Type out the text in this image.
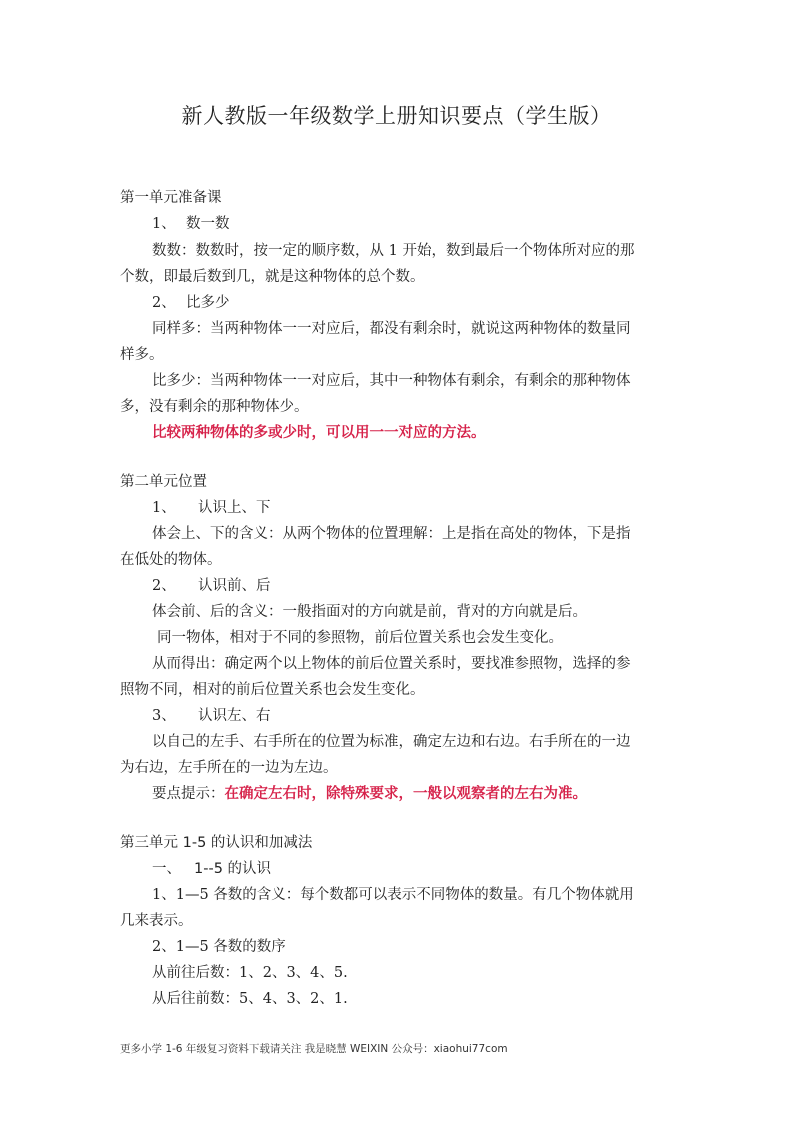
新人教版一年级数学上册知识要点（学生版）
第一单元准备课
1、 数一数
数数：数数时，按一定的顺序数，从 1 开始，数到最后一个物体所对应的那
个数，即最后数到几，就是这种物体的总个数。
2、 比多少
同样多：当两种物体一一对应后，都没有剩余时，就说这两种物体的数量同
样多。
比多少：当两种物体一一对应后，其中一种物体有剩余，有剩余的那种物体
多，没有剩余的那种物体少。
比较两种物体的多或少时，可以用一一对应的方法。
第二单元位置
1、 认识上、下
体会上、下的含义：从两个物体的位置理解：上是指在高处的物体，下是指
在低处的物体。
2、 认识前、后
体会前、后的含义：一般指面对的方向就是前，背对的方向就是后。
同一物体，相对于不同的参照物，前后位置关系也会发生变化。
从而得出：确定两个以上物体的前后位置关系时，要找准参照物，选择的参
照物不同，相对的前后位置关系也会发生变化。
3、 认识左、右
以自己的左手、右手所在的位置为标准，确定左边和右边。右手所在的一边
为右边，左手所在的一边为左边。
要点提示：在确定左右时，除特殊要求，一般以观察者的左右为准。
第三单元 1-5 的认识和加减法
一、 1--5 的认识
1、1—5 各数的含义：每个数都可以表示不同物体的数量。有几个物体就用
几来表示。
2、1—5 各数的数序
从前往后数：1、2、3、4、5.
从后往前数：5、4、3、2、1.
更多小学 1-6 年级复习资料下载请关注 我是晓慧 WEIXIN 公众号：xiaohui77com
